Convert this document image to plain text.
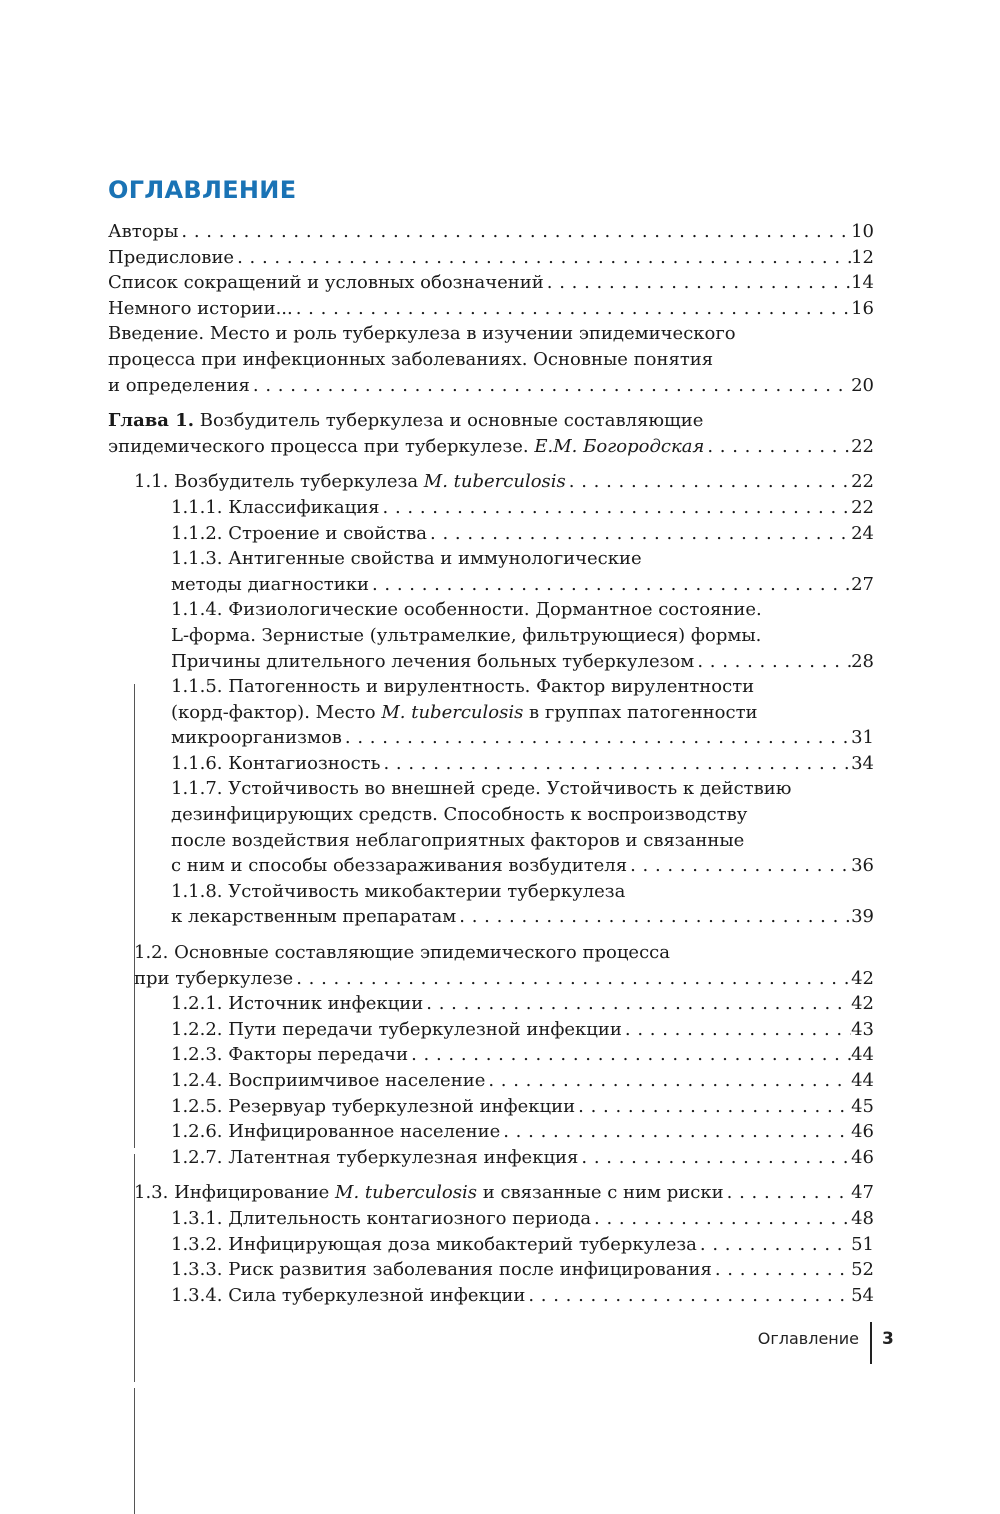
ОГЛАВЛЕНИЕ
Авторы . . .	10
Предисловие . . .	12
Список сокращений и условных обозначений . . .	14
Немного истории... . . .	16
Введение. Место и роль туберкулеза в изучении эпидемического
процесса при инфекционных заболеваниях. Основные понятия
и определения . . .	20
Глава 1. Возбудитель туберкулеза и основные составляющие
эпидемического процесса при туберкулезе. Е.М. Богородская . . .	22
1.1. Возбудитель туберкулеза M. tuberculosis . . .	22
1.1.1. Классификация . . .	22
1.1.2. Строение и свойства . . .	24
1.1.3. Антигенные свойства и иммунологические
методы диагностики . . .	27
1.1.4. Физиологические особенности. Дормантное состояние.
L-форма. Зернистые (ультрамелкие, фильтрующиеся) формы.
Причины длительного лечения больных туберкулезом . . .	28
1.1.5. Патогенность и вирулентность. Фактор вирулентности
(корд-фактор). Место M. tuberculosis в группах патогенности
микроорганизмов . . .	31
1.1.6. Контагиозность . . .	34
1.1.7. Устойчивость во внешней среде. Устойчивость к действию
дезинфицирующих средств. Способность к воспроизводству
после воздействия неблагоприятных факторов и связанные
с ним и способы обеззараживания возбудителя . . .	36
1.1.8. Устойчивость микобактерии туберкулеза
к лекарственным препаратам . . .	39
1.2. Основные составляющие эпидемического процесса
при туберкулезе . . .	42
1.2.1. Источник инфекции . . .	42
1.2.2. Пути передачи туберкулезной инфекции . . .	43
1.2.3. Факторы передачи . . .	44
1.2.4. Восприимчивое население . . .	44
1.2.5. Резервуар туберкулезной инфекции . . .	45
1.2.6. Инфицированное население . . .	46
1.2.7. Латентная туберкулезная инфекция . . .	46
1.3. Инфицирование M. tuberculosis и связанные с ним риски . . .	47
1.3.1. Длительность контагиозного периода . . .	48
1.3.2. Инфицирующая доза микобактерий туберкулеза . . .	51
1.3.3. Риск развития заболевания после инфицирования . . .	52
1.3.4. Сила туберкулезной инфекции . . .	54
Оглавление 3
